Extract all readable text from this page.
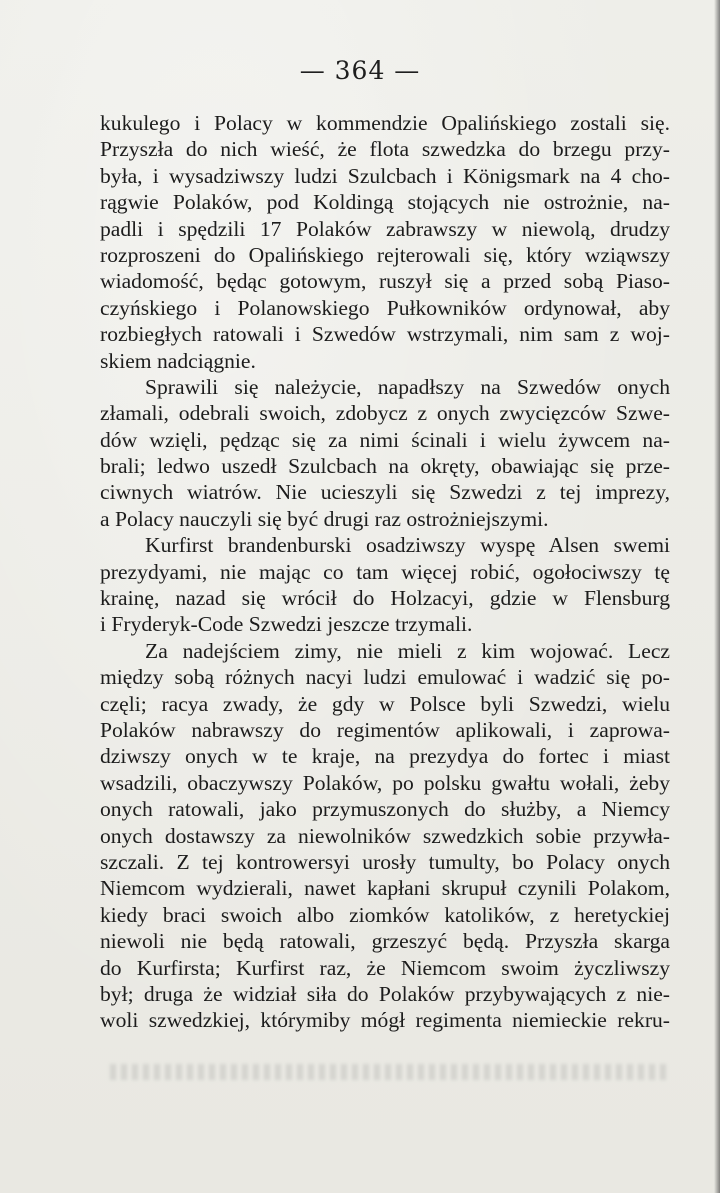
— 364 —
kukulego i Polacy w kommendzie Opalińskiego zostali się.
Przyszła do nich wieść, że flota szwedzka do brzegu przy-
była, i wysadziwszy ludzi Szulcbach i Königsmark na 4 cho-
rągwie Polaków, pod Koldingą stojących nie ostrożnie, na-
padli i spędzili 17 Polaków zabrawszy w niewolą, drudzy
rozproszeni do Opalińskiego rejterowali się, który wziąwszy
wiadomość, będąc gotowym, ruszył się a przed sobą Piaso-
czyńskiego i Polanowskiego Pułkowników ordynował, aby
rozbiegłych ratowali i Szwedów wstrzymali, nim sam z woj-
skiem nadciągnie.
Sprawili się należycie, napadłszy na Szwedów onych
złamali, odebrali swoich, zdobycz z onych zwycięzców Szwe-
dów wzięli, pędząc się za nimi ścinali i wielu żywcem na-
brali; ledwo uszedł Szulcbach na okręty, obawiając się prze-
ciwnych wiatrów. Nie ucieszyli się Szwedzi z tej imprezy,
a Polacy nauczyli się być drugi raz ostrożniejszymi.
Kurfirst brandenburski osadziwszy wyspę Alsen swemi
prezydyami, nie mając co tam więcej robić, ogołociwszy tę
krainę, nazad się wrócił do Holzacyi, gdzie w Flensburg
i Fryderyk-Code Szwedzi jeszcze trzymali.
Za nadejściem zimy, nie mieli z kim wojować. Lecz
między sobą różnych nacyi ludzi emulować i wadzić się po-
częli; racya zwady, że gdy w Polsce byli Szwedzi, wielu
Polaków nabrawszy do regimentów aplikowali, i zaprowa-
dziwszy onych w te kraje, na prezydya do fortec i miast
wsadzili, obaczywszy Polaków, po polsku gwałtu wołali, żeby
onych ratowali, jako przymuszonych do służby, a Niemcy
onych dostawszy za niewolników szwedzkich sobie przywła-
szczali. Z tej kontrowersyi urosły tumulty, bo Polacy onych
Niemcom wydzierali, nawet kapłani skrupuł czynili Polakom,
kiedy braci swoich albo ziomków katolików, z heretyckiej
niewoli nie będą ratowali, grzeszyć będą. Przyszła skarga
do Kurfirsta; Kurfirst raz, że Niemcom swoim życzliwszy
był; druga że widział siła do Polaków przybywających z nie-
woli szwedzkiej, którymiby mógł regimenta niemieckie rekru-
